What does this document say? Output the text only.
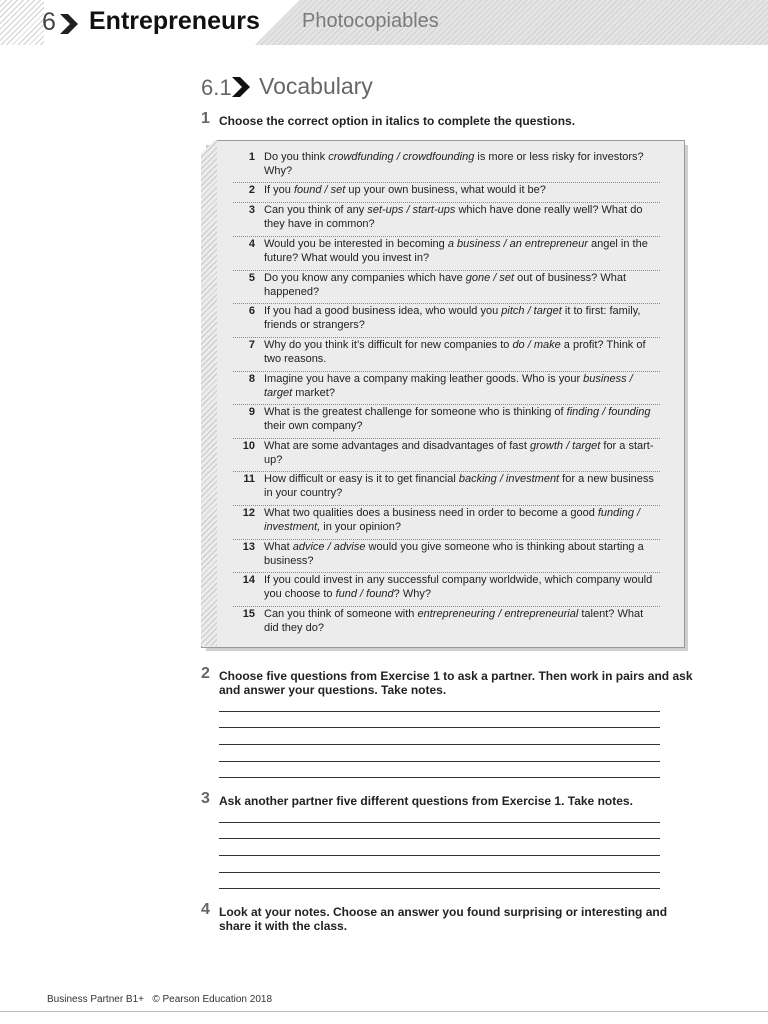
6 Entrepreneurs Photocopiables
6.1 Vocabulary
1 Choose the correct option in italics to complete the questions.
1 Do you think crowdfunding / crowdfounding is more or less risky for investors? Why?
2 If you found / set up your own business, what would it be?
3 Can you think of any set-ups / start-ups which have done really well? What do they have in common?
4 Would you be interested in becoming a business / an entrepreneur angel in the future? What would you invest in?
5 Do you know any companies which have gone / set out of business? What happened?
6 If you had a good business idea, who would you pitch / target it to first: family, friends or strangers?
7 Why do you think it’s difficult for new companies to do / make a profit? Think of two reasons.
8 Imagine you have a company making leather goods. Who is your business / target market?
9 What is the greatest challenge for someone who is thinking of finding / founding their own company?
10 What are some advantages and disadvantages of fast growth / target for a start-up?
11 How difficult or easy is it to get financial backing / investment for a new business in your country?
12 What two qualities does a business need in order to become a good funding / investment, in your opinion?
13 What advice / advise would you give someone who is thinking about starting a business?
14 If you could invest in any successful company worldwide, which company would you choose to fund / found? Why?
15 Can you think of someone with entrepreneuring / entrepreneurial talent? What did they do?
2 Choose five questions from Exercise 1 to ask a partner. Then work in pairs and ask
and answer your questions. Take notes.
3 Ask another partner five different questions from Exercise 1. Take notes.
4 Look at your notes. Choose an answer you found surprising or interesting and
share it with the class.
Business Partner B1+   © Pearson Education 2018
